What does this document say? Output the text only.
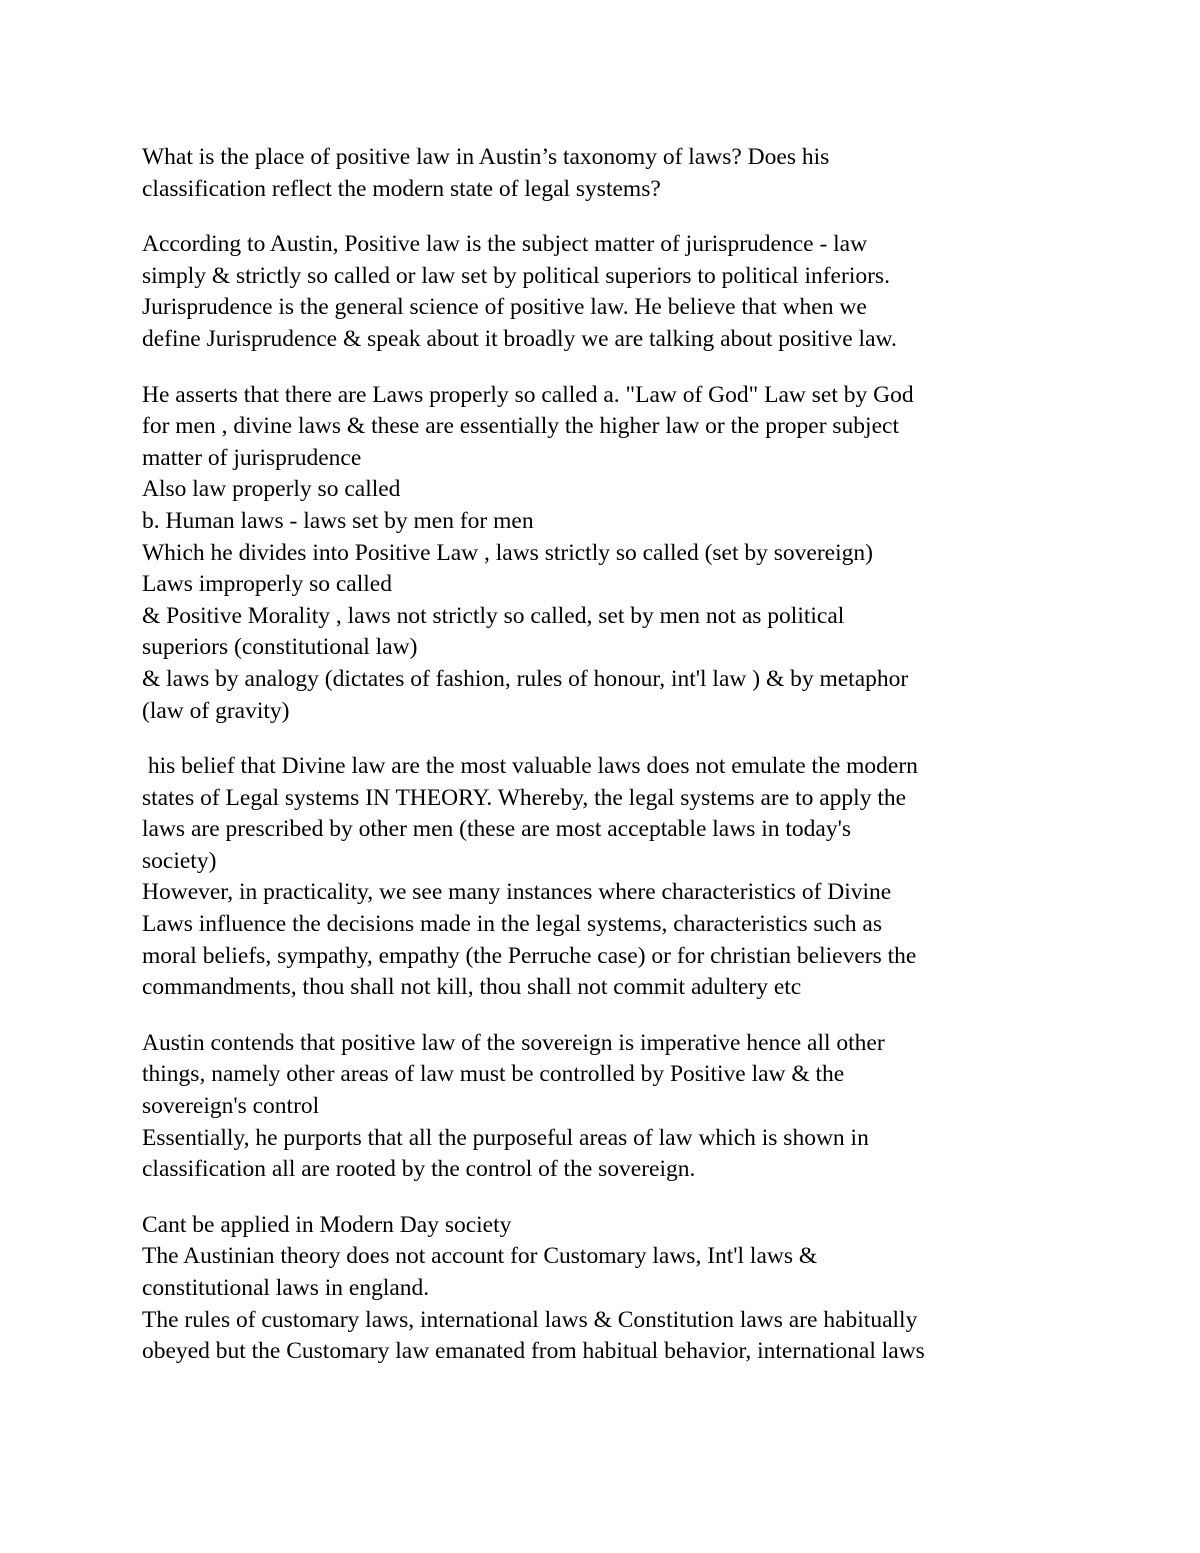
What is the place of positive law in Austin’s taxonomy of laws? Does his
classification reflect the modern state of legal systems?
According to Austin, Positive law is the subject matter of jurisprudence - law
simply & strictly so called or law set by political superiors to political inferiors.
Jurisprudence is the general science of positive law. He believe that when we
define Jurisprudence & speak about it broadly we are talking about positive law.
He asserts that there are Laws properly so called a. "Law of God" Law set by God
for men , divine laws & these are essentially the higher law or the proper subject
matter of jurisprudence
Also law properly so called
b. Human laws - laws set by men for men
Which he divides into Positive Law , laws strictly so called (set by sovereign)
Laws improperly so called
& Positive Morality , laws not strictly so called, set by men not as political
superiors (constitutional law)
& laws by analogy (dictates of fashion, rules of honour, int'l law ) & by metaphor
(law of gravity)
his belief that Divine law are the most valuable laws does not emulate the modern
states of Legal systems IN THEORY. Whereby, the legal systems are to apply the
laws are prescribed by other men (these are most acceptable laws in today's
society)
However, in practicality, we see many instances where characteristics of Divine
Laws influence the decisions made in the legal systems, characteristics such as
moral beliefs, sympathy, empathy (the Perruche case) or for christian believers the
commandments, thou shall not kill, thou shall not commit adultery etc
Austin contends that positive law of the sovereign is imperative hence all other
things, namely other areas of law must be controlled by Positive law & the
sovereign's control
Essentially, he purports that all the purposeful areas of law which is shown in
classification all are rooted by the control of the sovereign.
Cant be applied in Modern Day society
The Austinian theory does not account for Customary laws, Int'l laws &
constitutional laws in england.
The rules of customary laws, international laws & Constitution laws are habitually
obeyed but the Customary law emanated from habitual behavior, international laws
